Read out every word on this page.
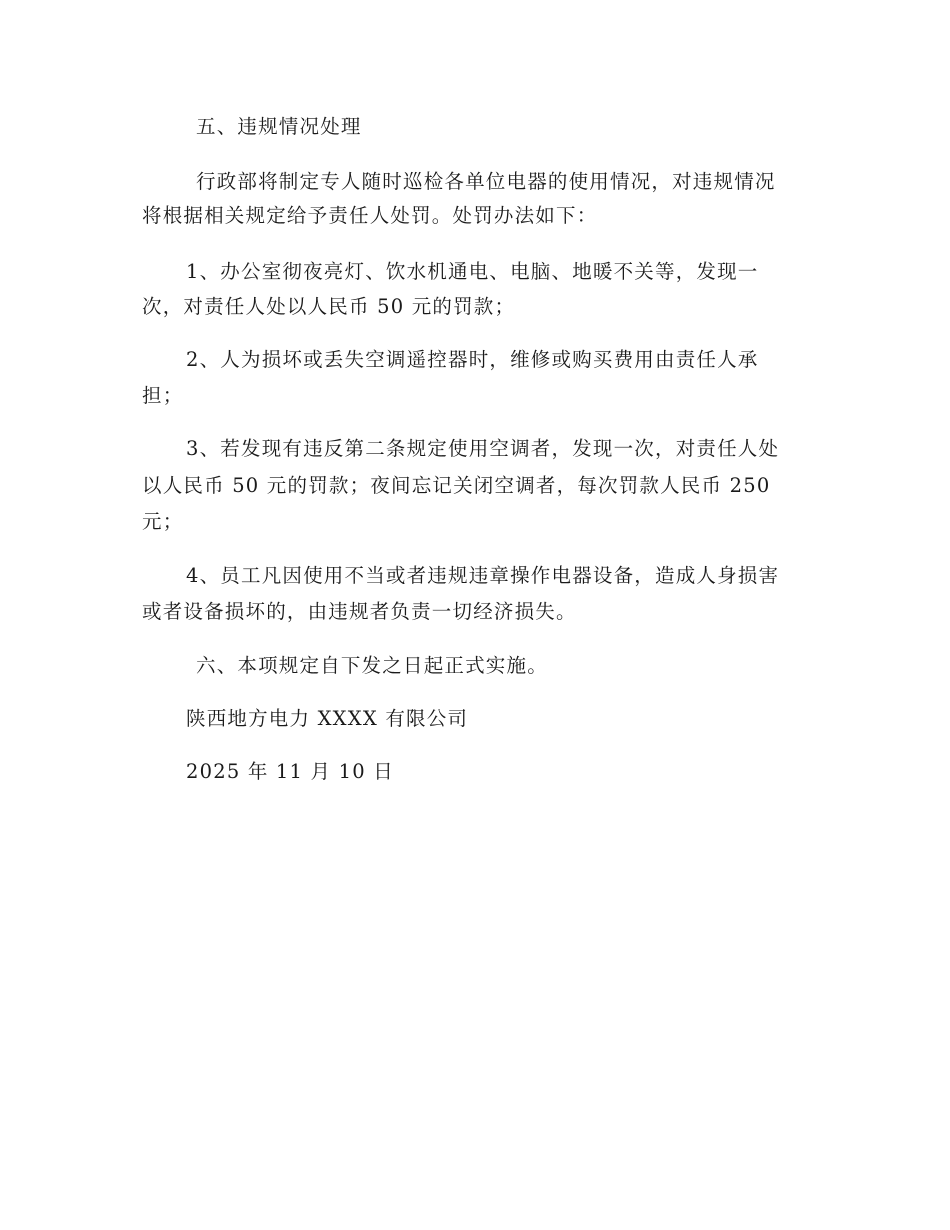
五、违规情况处理
行政部将制定专人随时巡检各单位电器的使用情况，对违规情况
将根据相关规定给予责任人处罚。处罚办法如下：
1、办公室彻夜亮灯、饮水机通电、电脑、地暖不关等，发现一
次，对责任人处以人民币 50 元的罚款；
2、人为损坏或丢失空调遥控器时，维修或购买费用由责任人承
担；
3、若发现有违反第二条规定使用空调者，发现一次，对责任人处
以人民币 50 元的罚款；夜间忘记关闭空调者，每次罚款人民币 250
元；
4、员工凡因使用不当或者违规违章操作电器设备，造成人身损害
或者设备损坏的，由违规者负责一切经济损失。
六、本项规定自下发之日起正式实施。
陕西地方电力 XXXX 有限公司
2025 年 11 月 10 日
